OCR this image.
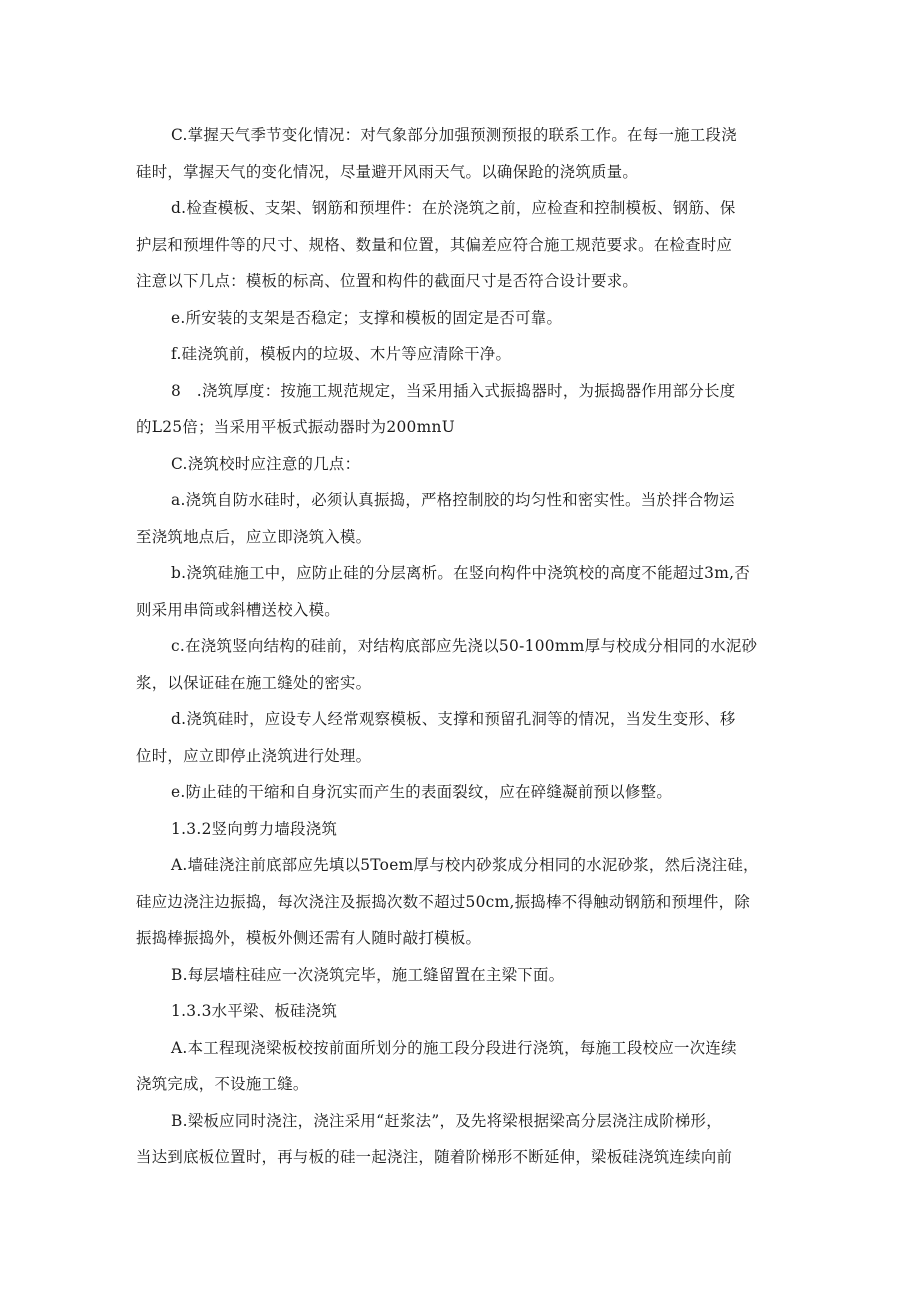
C.掌握天气季节变化情况：对气象部分加强预测预报的联系工作。在每一施工段浇
硅时，掌握天气的变化情况，尽量避开风雨天气。以确保跄的浇筑质量。
d.检查模板、支架、钢筋和预埋件：在於浇筑之前，应检查和控制模板、钢筋、保
护层和预埋件等的尺寸、规格、数量和位置，其偏差应符合施工规范要求。在检查时应
注意以下几点：模板的标高、位置和构件的截面尺寸是否符合设计要求。
e.所安装的支架是否稳定；支撑和模板的固定是否可靠。
f.硅浇筑前，模板内的垃圾、木片等应清除干净。
8　.浇筑厚度：按施工规范规定，当采用插入式振捣器时，为振捣器作用部分长度
的L25倍；当采用平板式振动器时为200mnU
C.浇筑校时应注意的几点：
a.浇筑自防水硅时，必须认真振捣，严格控制胶的均匀性和密实性。当於拌合物运
至浇筑地点后，应立即浇筑入模。
b.浇筑硅施工中，应防止硅的分层离析。在竖向构件中浇筑校的高度不能超过3m,否
则采用串筒或斜槽送校入模。
c.在浇筑竖向结构的硅前，对结构底部应先浇以50-100mm厚与校成分相同的水泥砂
浆，以保证硅在施工缝处的密实。
d.浇筑硅时，应设专人经常观察模板、支撑和预留孔洞等的情况，当发生变形、移
位时，应立即停止浇筑进行处理。
e.防止硅的干缩和自身沉实而产生的表面裂纹，应在碎缝凝前预以修整。
1.3.2竖向剪力墙段浇筑
A.墙硅浇注前底部应先填以5Toem厚与校内砂浆成分相同的水泥砂浆，然后浇注硅，
硅应边浇注边振捣，每次浇注及振捣次数不超过50cm,振捣棒不得触动钢筋和预埋件，除
振捣棒振捣外，模板外侧还需有人随时敲打模板。
B.每层墙柱硅应一次浇筑完毕，施工缝留置在主梁下面。
1.3.3水平梁、板硅浇筑
A.本工程现浇梁板校按前面所划分的施工段分段进行浇筑，每施工段校应一次连续
浇筑完成，不设施工缝。
B.梁板应同时浇注，浇注采用“赶浆法”，及先将梁根据梁高分层浇注成阶梯形，
当达到底板位置时，再与板的硅一起浇注，随着阶梯形不断延伸，梁板硅浇筑连续向前
